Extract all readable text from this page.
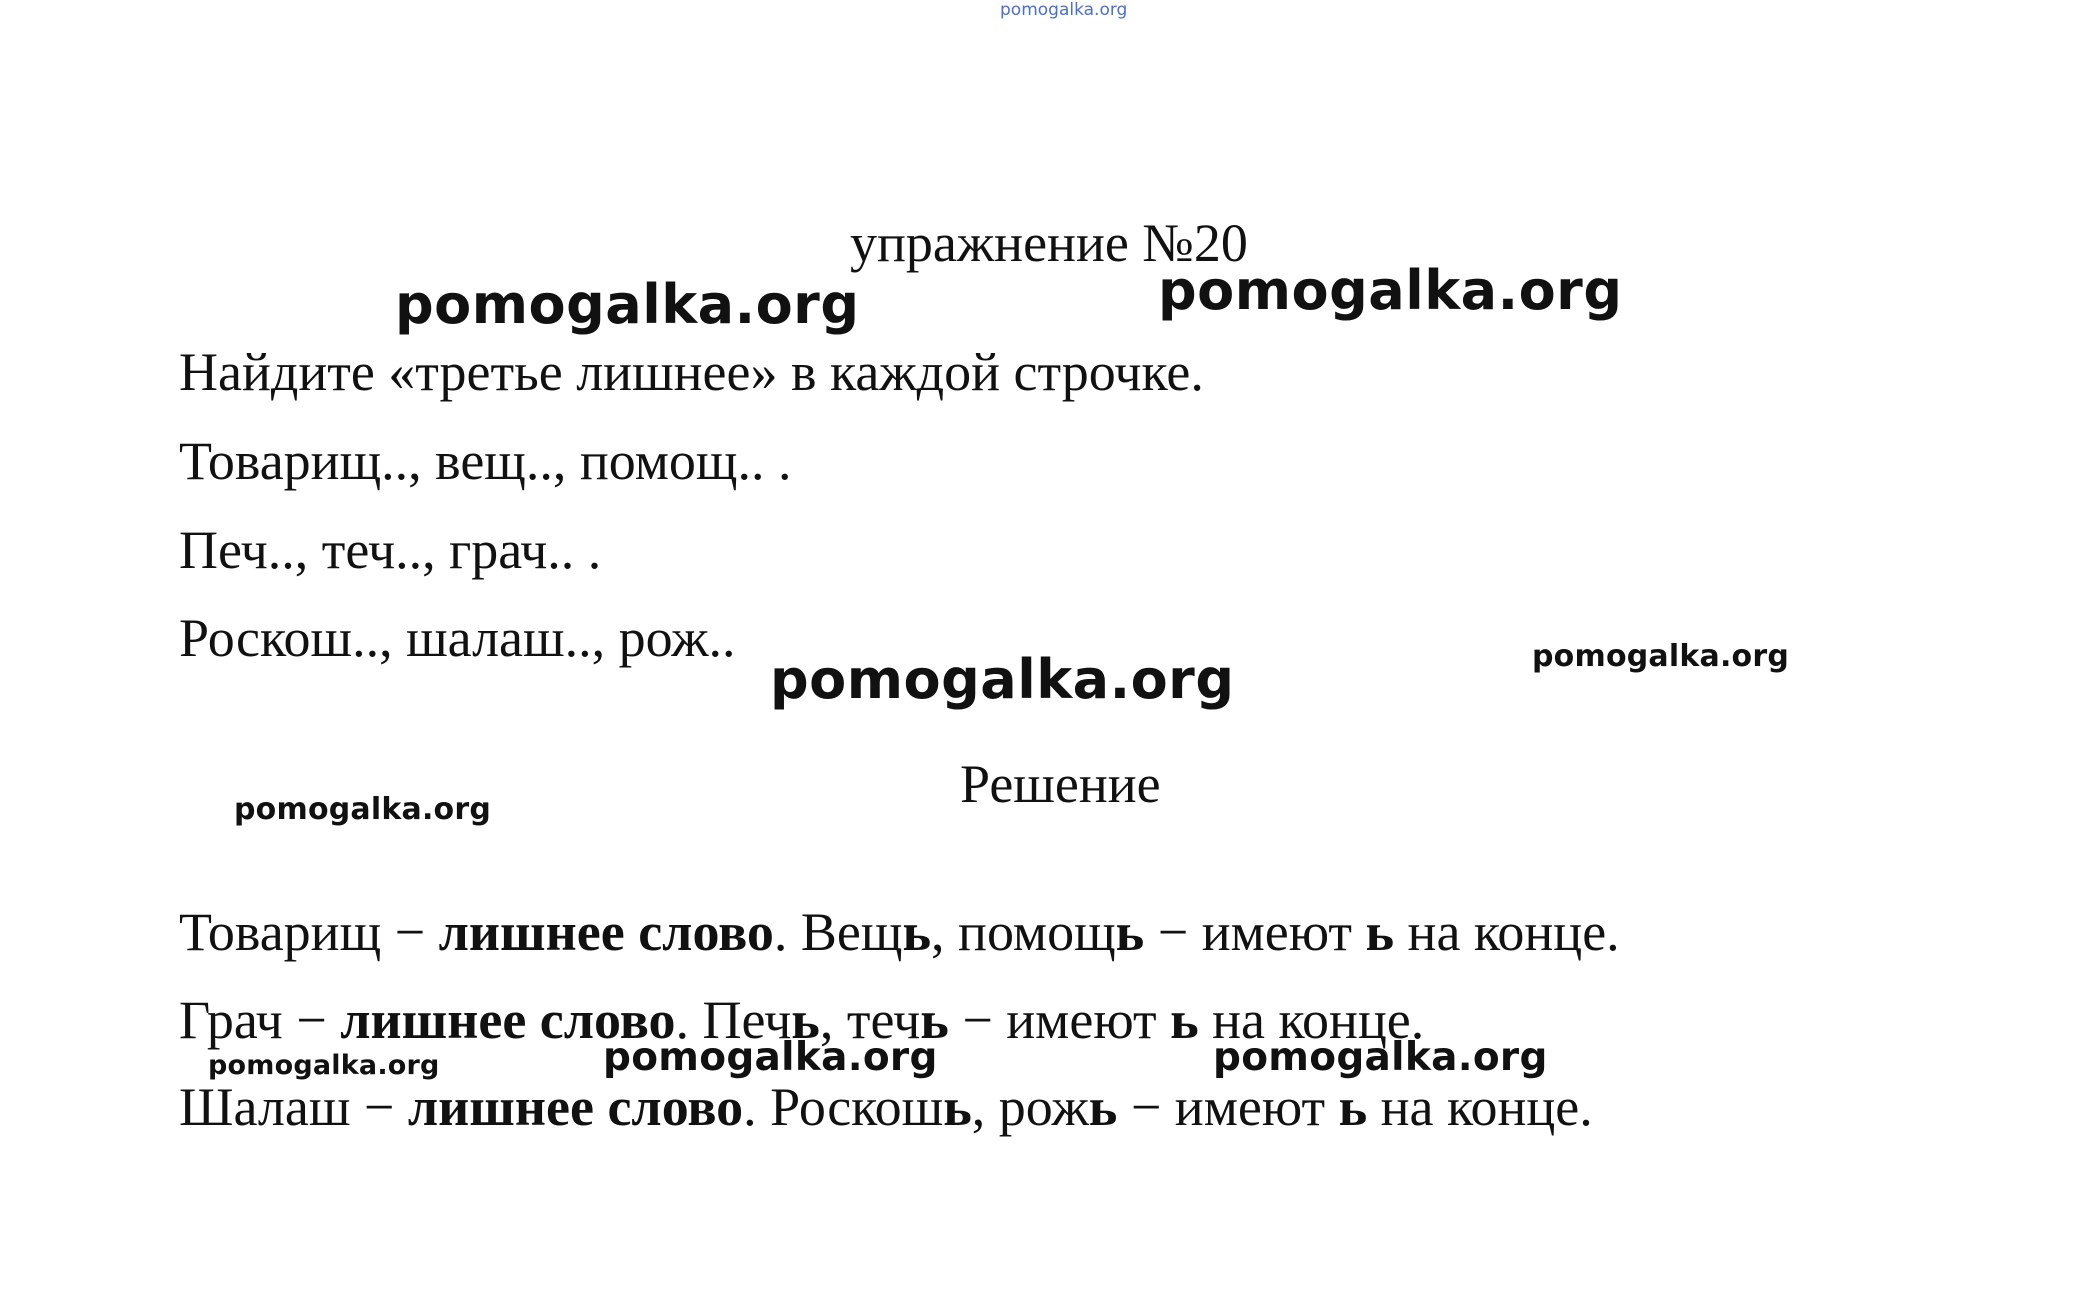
pomogalka.org
упражнение №20
pomogalka.org	pomogalka.org
Найдите «третье лишнее» в каждой строчке.
Товарищ.., вещ.., помощ.. .
Печ.., теч.., грач.. .
Роскош.., шалаш.., рож..
pomogalka.org	pomogalka.org
pomogalka.org	Решение
Товарищ − лишнее слово. Вещь, помощь − имеют ь на конце.
Грач − лишнее слово. Печь, течь − имеют ь на конце.
pomogalka.org	pomogalka.org	pomogalka.org
Шалаш − лишнее слово. Роскошь, рожь − имеют ь на конце.
